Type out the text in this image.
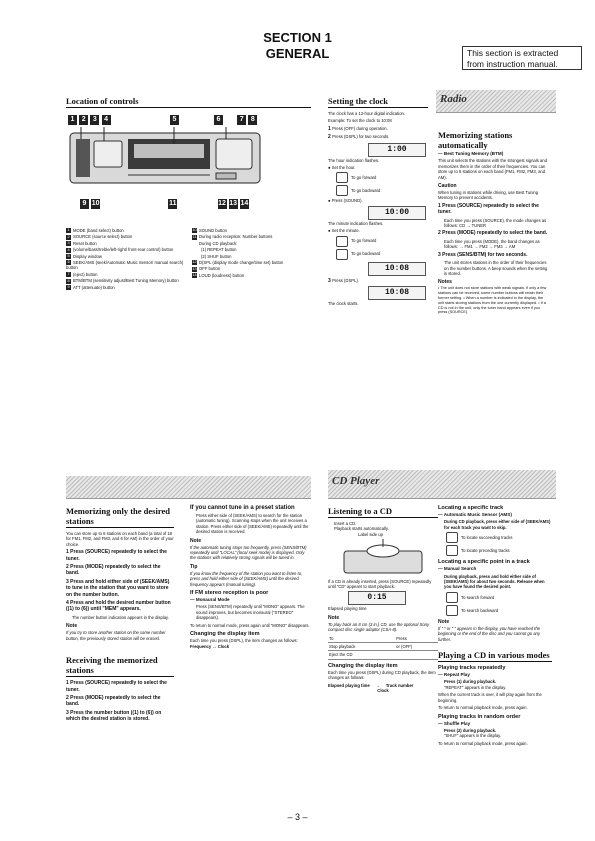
SECTION 1
GENERAL	This section is extracted from instruction manual.
Location of controls
1 2 3 4	5	6	7 8
9 10	11	12 13 14
1 MODE (band select) button
2 SOURCE (source select) button
3 Reset button
4 (volume/bass/treble/left-right/ front-rear control) button
5 Display window
6 SEEK/AMS (seek/Automatic Music Sensor/ manual search) button
7 (eject) button
8 BTM/BTM (sensitivity adjust/Best Tuning Memory) button
9 ATT (attenuate) button
10 SOUND button
11 During radio reception: Number buttons
During CD playback:
(1) REPEAT button
(2) SHUF button
12 D(SPL (display mode change/time set) button
13 OFF button
14 LOUD (loudness) button
Setting the clock
The clock has a 12-hour digital indication.
Example: To set the clock to 10:08
1 Press (OFF) during operation.
2 Press (DSPL) for two seconds.
1:00
The hour indication flashes.
● Set the hour.
To go forward
To go backward
● Press (SOUND).
10:00
The minute indication flashes.
● Set the minute.
To go forward
To go backward
10:08
3 Press (DSPL).
10:08
The clock starts.
Radio
Memorizing stations automatically
— Best Tuning Memory (BTM)
This unit selects the stations with the strongest signals and memorizes them in the order of their frequencies. You can store up to 6 stations on each band (FM1, FM2, FM3, and AM).
Caution
When tuning in stations while driving, use Best Tuning Memory to prevent accidents.
1 Press (SOURCE) repeatedly to select the tuner.
Each time you press (SOURCE), the mode changes as follows: CD → TUNER
2 Press (MODE) repeatedly to select the band.
Each time you press (MODE), the band changes as follows: → FM1 → FM2 → FM3 → AM
3 Press (SENS/BTM) for two seconds.
The unit stores stations in the order of their frequencies on the number buttons. A beep sounds when the setting is stored.
Notes
• The unit does not store stations with weak signals. If only a few stations can be received, some number buttons will retain their former setting. • When a number is indicated in the display, the unit starts storing stations from the one currently displayed. • If a CD is not in the unit, only the tuner band appears even if you press (SOURCE).
CD Player
Memorizing only the desired stations
You can store up to 6 stations on each band (a total of 18 for FM1, FM2, and FM3, and 6 for AM) in the order of your choice.
1 Press (SOURCE) repeatedly to select the tuner.
2 Press (MODE) repeatedly to select the band.
3 Press and hold either side of (SEEK/AMS) to tune in the station that you want to store on the number button.
4 Press and hold the desired number button ((1) to (6)) until "MEM" appears.
The number button indication appears in the display.
Note
If you try to store another station on the same number button, the previously stored station will be erased.
Receiving the memorized stations
1 Press (SOURCE) repeatedly to select the tuner.
2 Press (MODE) repeatedly to select the band.
3 Press the number button ((1) to (6)) on which the desired station is stored.
If you cannot tune in a preset station
Press either side of (SEEK/AMS) to search for the station (automatic tuning). Scanning stops when the unit receives a station. Press either side of (SEEK/AMS) repeatedly until the desired station is received.
Note
If the automatic tuning stops too frequently, press (SENS/BTM) repeatedly until "LOCAL" (local seek mode) is displayed. Only the stations with relatively strong signals will be tuned in.
Tip
If you know the frequency of the station you want to listen to, press and hold either side of (SEEK/AMS) until the desired frequency appears (manual tuning).
If FM stereo reception is poor
— Monaural Mode
Press (SENS/BTM) repeatedly until "MONO" appears. The sound improves, but becomes monaural ("STEREO" disappears).
To return to normal mode, press again until "MONO" disappears.
Changing the display item
Each time you press (DSPL), the item changes as follows:
Frequency ↔ Clock
Listening to a CD
Insert a CD.
Playback starts automatically.
Label side up
If a CD is already inserted, press (SOURCE) repeatedly until "CD" appears to start playback.
0:15
Elapsed playing time
Note
To play back an 8 cm (3 in.) CD, use the optional Sony compact disc single adaptor (CSA-8).
To	Press
Stop playback	or (OFF)
Eject the CD	
Changing the display item
Each time you press (DSPL) during CD playback, the item changes as follows:
Elapsed playing time → Track number
Clock
Locating a specific track
— Automatic Music Sensor (AMS)
During CD playback, press either side of (SEEK/AMS) for each track you want to skip.
To locate succeeding tracks
To locate preceding tracks
Locating a specific point in a track
— Manual Search
During playback, press and hold either side of (SEEK/AMS) for about two seconds. Release when you have found the desired point.
To search forward
To search backward
Note
If " " or " " appears in the display, you have reached the beginning or the end of the disc and you cannot go any further.
Playing a CD in various modes
Playing tracks repeatedly
— Repeat Play
Press (1) during playback.
"REPEAT" appears in the display.
When the current track is over, it will play again from the beginning.
To return to normal playback mode, press again.
Playing tracks in random order
— Shuffle Play
Press (2) during playback.
"SHUF" appears in the display.
To return to normal playback mode, press again.
– 3 –
